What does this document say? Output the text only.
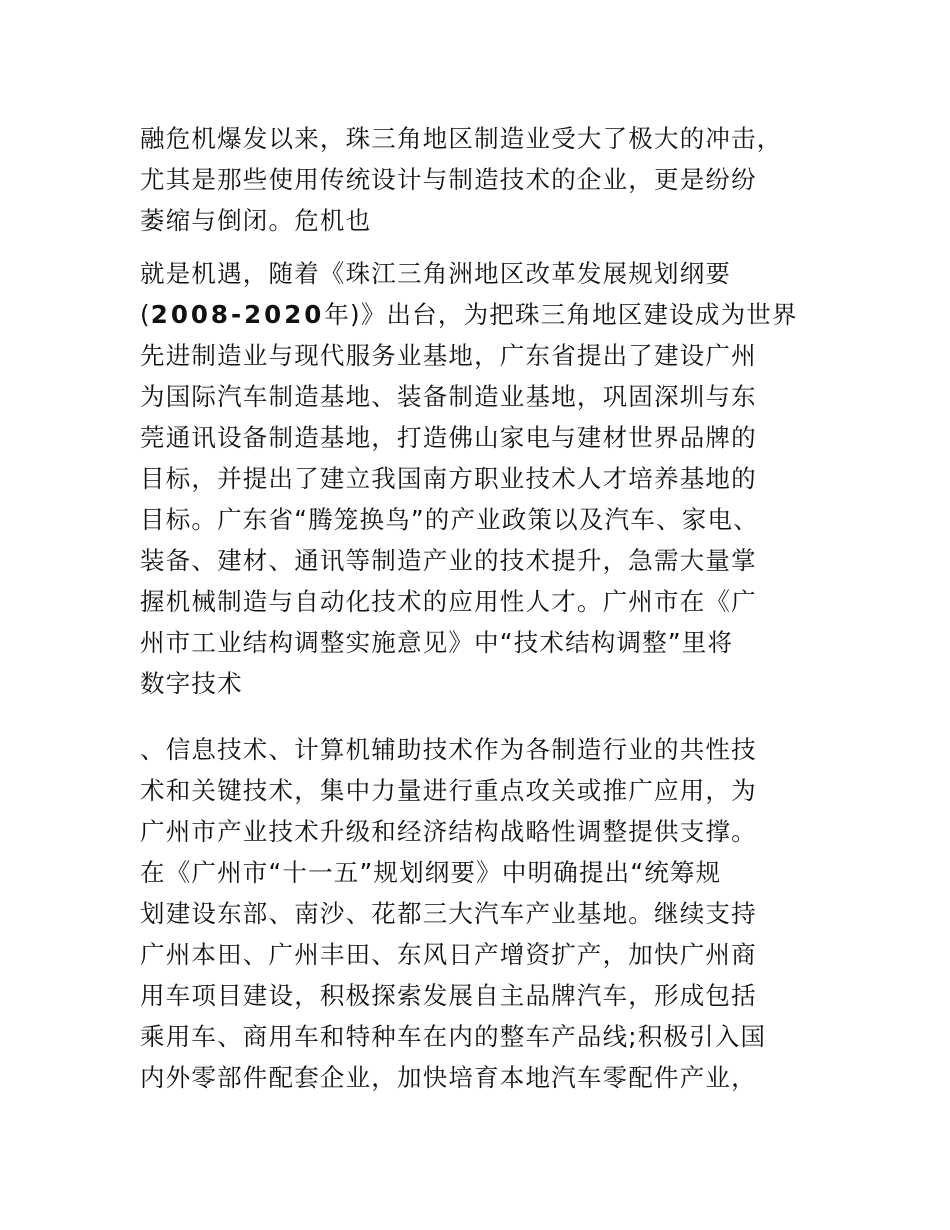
融危机爆发以来，珠三角地区制造业受大了极大的冲击，
尤其是那些使用传统设计与制造技术的企业，更是纷纷
萎缩与倒闭。危机也
就是机遇，随着《珠江三角洲地区改革发展规划纲要
(2008-2020年)》出台，为把珠三角地区建设成为世界
先进制造业与现代服务业基地，广东省提出了建设广州
为国际汽车制造基地、装备制造业基地，巩固深圳与东
莞通讯设备制造基地，打造佛山家电与建材世界品牌的
目标，并提出了建立我国南方职业技术人才培养基地的
目标。广东省“腾笼换鸟”的产业政策以及汽车、家电、
装备、建材、通讯等制造产业的技术提升，急需大量掌
握机械制造与自动化技术的应用性人才。广州市在《广
州市工业结构调整实施意见》中“技术结构调整”里将
数字技术
、信息技术、计算机辅助技术作为各制造行业的共性技
术和关键技术，集中力量进行重点攻关或推广应用，为
广州市产业技术升级和经济结构战略性调整提供支撑。
在《广州市“十一五”规划纲要》中明确提出“统筹规
划建设东部、南沙、花都三大汽车产业基地。继续支持
广州本田、广州丰田、东风日产增资扩产，加快广州商
用车项目建设，积极探索发展自主品牌汽车，形成包括
乘用车、商用车和特种车在内的整车产品线;积极引入国
内外零部件配套企业，加快培育本地汽车零配件产业，
